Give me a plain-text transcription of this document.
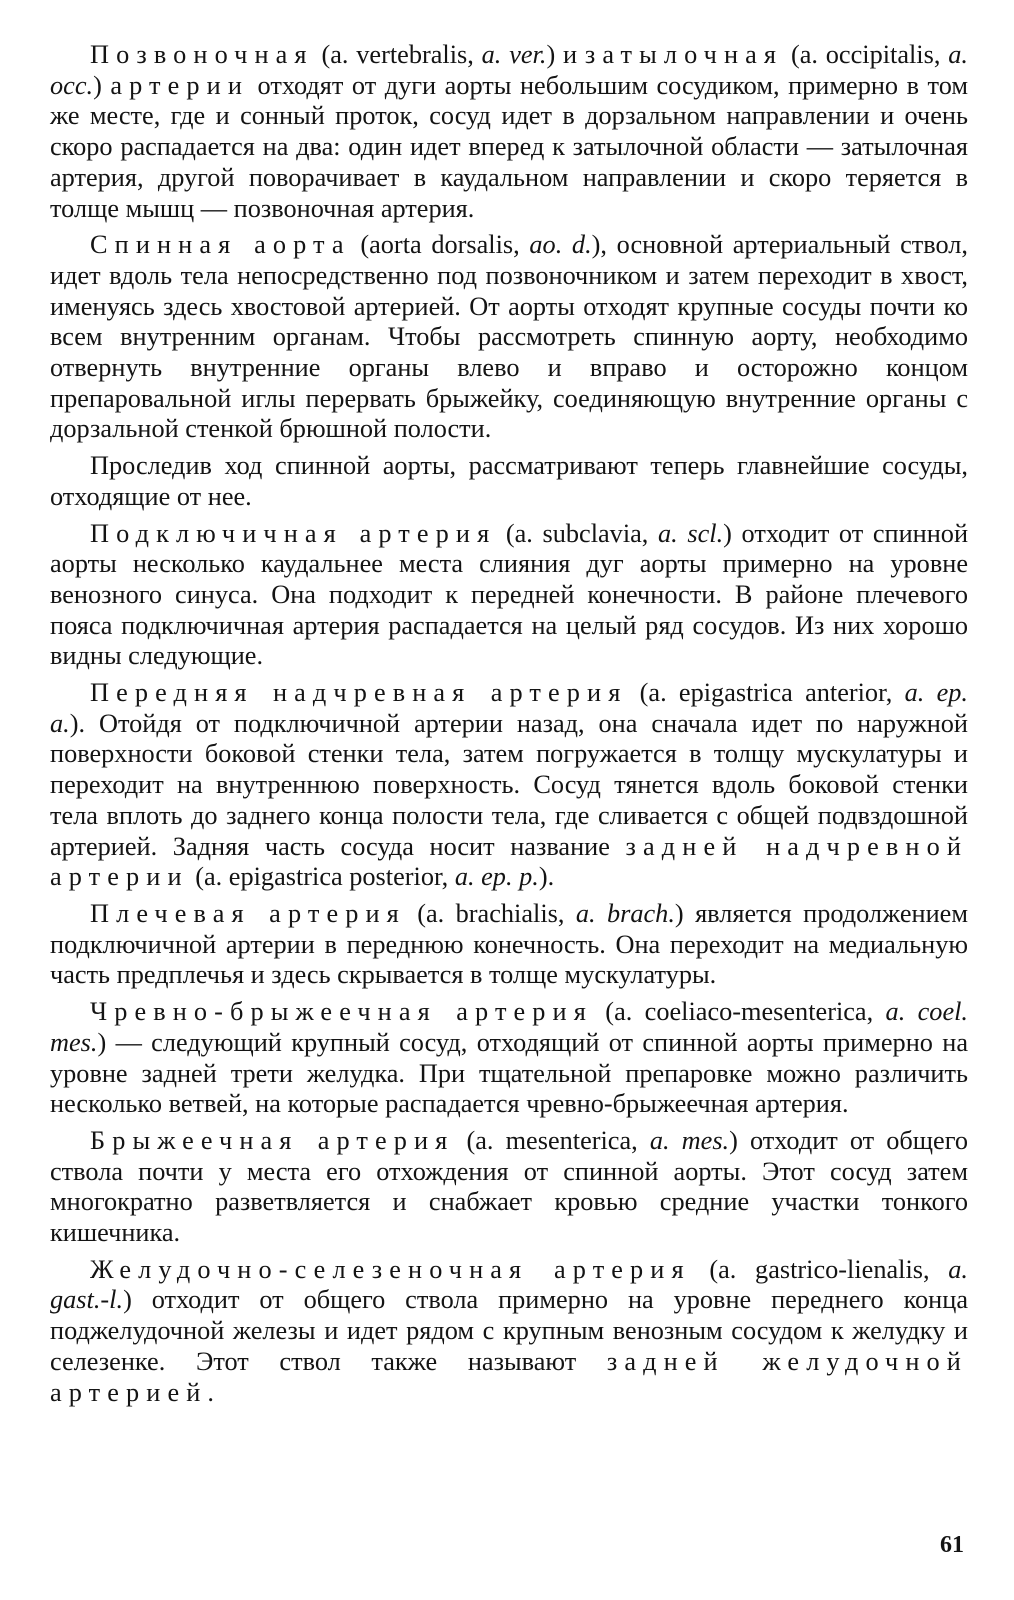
Позвоночная (a. vertebralis, a. ver.) и затылочная (a. occipitalis, a. occ.) артерии отходят от дуги аорты небольшим сосудиком, примерно в том же месте, где и сонный проток, сосуд идет в дорзальном направлении и очень скоро распадается на два: один идет вперед к затылочной области — затылочная артерия, другой поворачивает в каудальном направлении и скоро теряется в толще мышц — позвоночная артерия.

Спинная аорта (aorta dorsalis, ao. d.), основной артериальный ствол, идет вдоль тела непосредственно под позвоночником и затем переходит в хвост, именуясь здесь хвостовой артерией. От аорты отходят крупные сосуды почти ко всем внутренним органам. Чтобы рассмотреть спинную аорту, необходимо отвернуть внутренние органы влево и вправо и осторожно концом препаровальной иглы перервать брыжейку, соединяющую внутренние органы с дорзальной стенкой брюшной полости.

Проследив ход спинной аорты, рассматривают теперь главнейшие сосуды, отходящие от нее.

Подключичная артерия (a. subclavia, a. scl.) отходит от спинной аорты несколько каудальнее места слияния дуг аорты примерно на уровне венозного синуса. Она подходит к передней конечности. В районе плечевого пояса подключичная артерия распадается на целый ряд сосудов. Из них хорошо видны следующие.

Передняя надчревная артерия (a. epigastrica anterior, a. ep. a.). Отойдя от подключичной артерии назад, она сначала идет по наружной поверхности боковой стенки тела, затем погружается в толщу мускулатуры и переходит на внутреннюю поверхность. Сосуд тянется вдоль боковой стенки тела вплоть до заднего конца полости тела, где сливается с общей подвздошной артерией. Задняя часть сосуда носит название задней надчревной артерии (a. epigastrica posterior, a. ep. p.).

Плечевая артерия (a. brachialis, a. brach.) является продолжением подключичной артерии в переднюю конечность. Она переходит на медиальную часть предплечья и здесь скрывается в толще мускулатуры.

Чревно-брыжеечная артерия (a. coeliaco-mesenterica, a. coel. mes.) — следующий крупный сосуд, отходящий от спинной аорты примерно на уровне задней трети желудка. При тщательной препаровке можно различить несколько ветвей, на которые распадается чревно-брыжеечная артерия.

Брыжеечная артерия (a. mesenterica, a. mes.) отходит от общего ствола почти у места его отхождения от спинной аорты. Этот сосуд затем многократно разветвляется и снабжает кровью средние участки тонкого кишечника.

Желудочно-селезеночная артерия (a. gastrico-lienalis, a. gast.-l.) отходит от общего ствола примерно на уровне переднего конца поджелудочной железы и идет рядом с крупным венозным сосудом к желудку и селезенке. Этот ствол также называют задней желудочной артерией.

61
